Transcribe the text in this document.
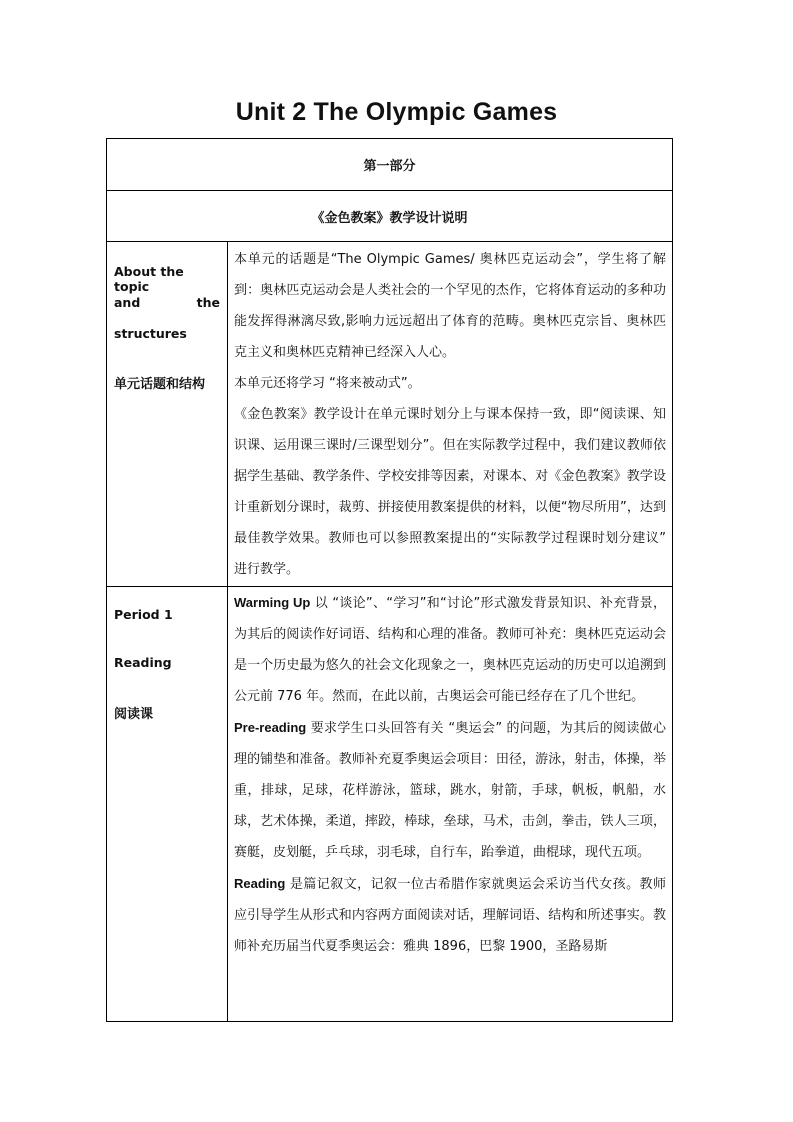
Unit 2 The Olympic Games
第一部分
《金色教案》教学设计说明
About the topic
and	the
structures
单元话题和结构

本单元的话题是“The Olympic Games/ 奥林匹克运动会”，学生将了解到：奥林匹克运动会是人类社会的一个罕见的杰作，它将体育运动的多种功能发挥得淋漓尽致,影响力远远超出了体育的范畴。奥林匹克宗旨、奥林匹克主义和奥林匹克精神已经深入人心。

本单元还将学习 “将来被动式”。

《金色教案》教学设计在单元课时划分上与课本保持一致，即“阅读课、知识课、运用课三课时/三课型划分”。但在实际教学过程中，我们建议教师依据学生基础、教学条件、学校安排等因素，对课本、对《金色教案》教学设计重新划分课时，裁剪、拼接使用教案提供的材料，以便“物尽所用”，达到最佳教学效果。教师也可以参照教案提出的“实际教学过程课时划分建议” 进行教学。

Period 1
Reading
阅读课

Warming Up 以 “谈论”、“学习”和“讨论”形式激发背景知识、补充背景，为其后的阅读作好词语、结构和心理的准备。教师可补充：奥林匹克运动会是一个历史最为悠久的社会文化现象之一，奥林匹克运动的历史可以追溯到公元前 776 年。然而，在此以前，古奥运会可能已经存在了几个世纪。

Pre-reading 要求学生口头回答有关 “奥运会” 的问题，为其后的阅读做心理的铺垫和准备。教师补充夏季奥运会项目：田径，游泳，射击，体操，举重，排球，足球，花样游泳，篮球，跳水，射箭，手球，帆板，帆船，水球，艺术体操，柔道，摔跤，棒球，垒球，马术，击剑，拳击，铁人三项，赛艇，皮划艇，乒乓球，羽毛球，自行车，跆拳道，曲棍球，现代五项。

Reading 是篇记叙文，记叙一位古希腊作家就奥运会采访当代女孩。教师应引导学生从形式和内容两方面阅读对话，理解词语、结构和所述事实。教师补充历届当代夏季奥运会：雅典 1896，巴黎 1900，圣路易斯
